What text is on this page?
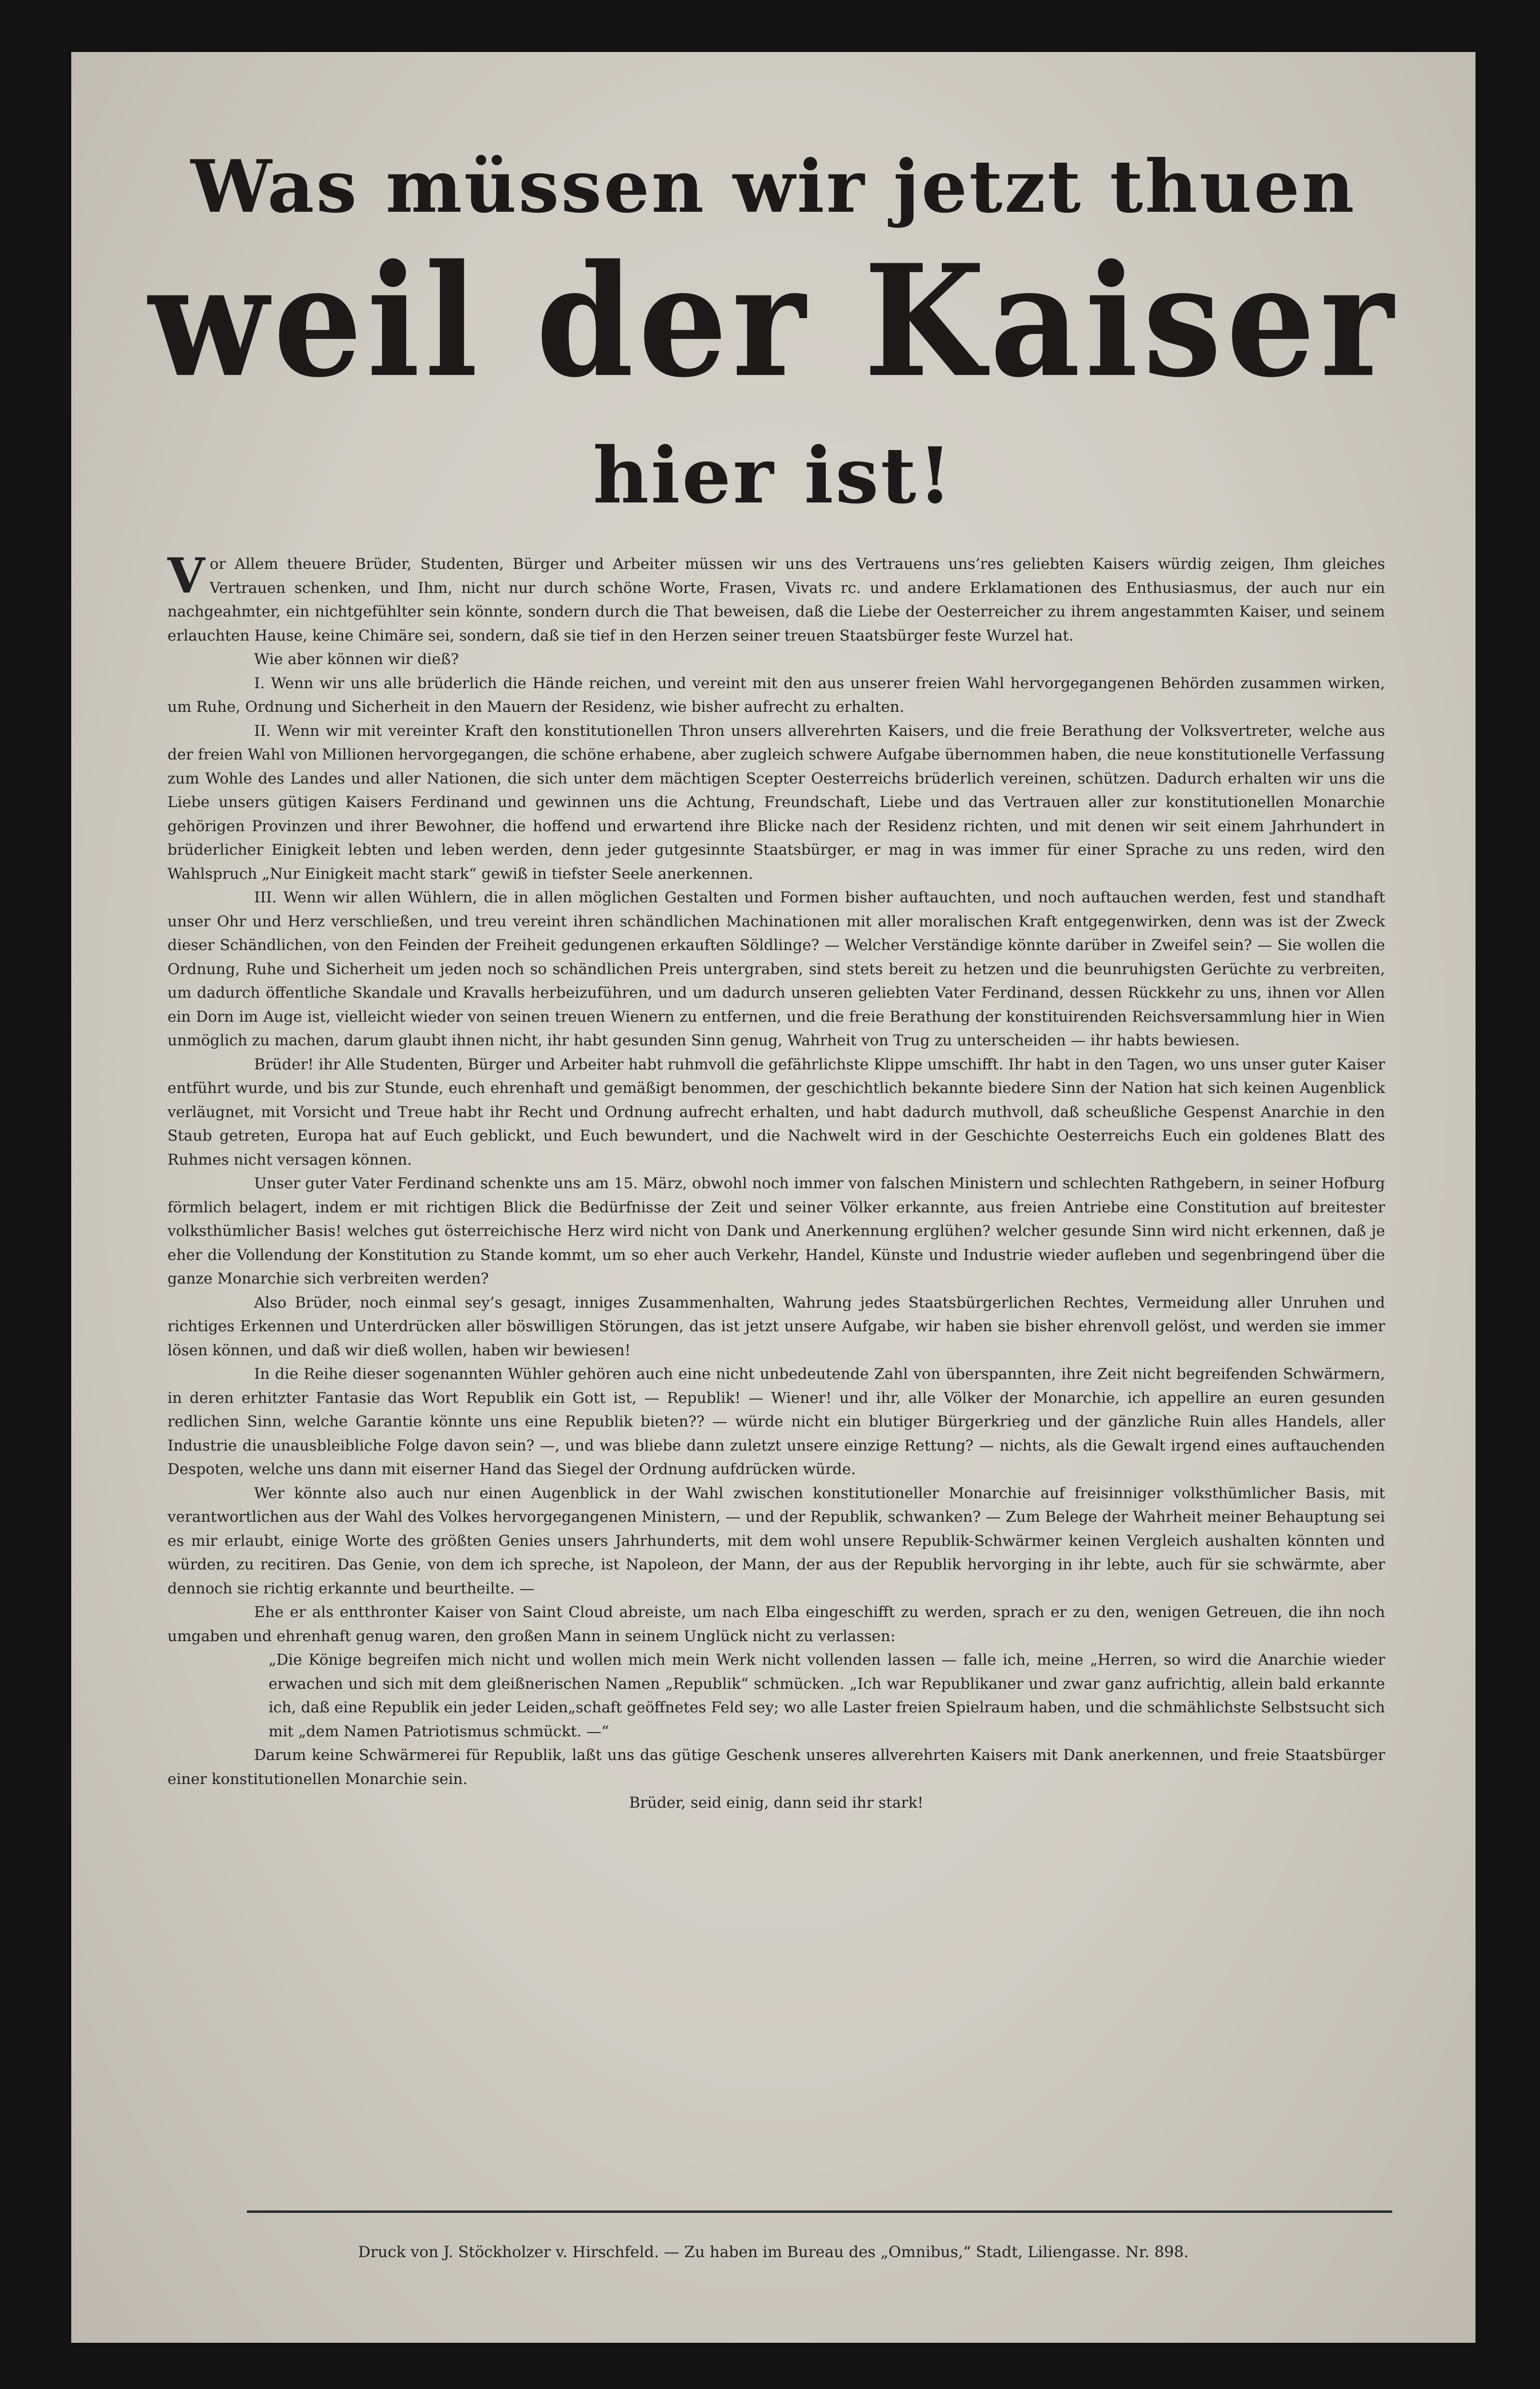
Was müssen wir jetzt thuen
weil der Kaiser
hier ist!

Vor Allem theuere Brüder, Studenten, Bürger und Arbeiter müssen wir uns des Vertrauens uns’res geliebten Kaisers würdig zeigen, Ihm gleiches Vertrauen schenken, und Ihm, nicht nur durch schöne Worte, Frasen, Vivats rc. und andere Erklamationen des Enthusiasmus, der auch nur ein nachgeahmter, ein nichtgefühlter sein könnte, sondern durch die That beweisen, daß die Liebe der Oesterreicher zu ihrem angestammten Kaiser, und seinem erlauchten Hause, keine Chimäre sei, sondern, daß sie tief in den Herzen seiner treuen Staatsbürger feste Wurzel hat.

Wie aber können wir dieß?

I. Wenn wir uns alle brüderlich die Hände reichen, und vereint mit den aus unserer freien Wahl hervorgegangenen Behörden zusammen wirken, um Ruhe, Ordnung und Sicherheit in den Mauern der Residenz, wie bisher aufrecht zu erhalten.

II. Wenn wir mit vereinter Kraft den konstitutionellen Thron unsers allverehrten Kaisers, und die freie Berathung der Volksvertreter, welche aus der freien Wahl von Millionen hervorgegangen, die schöne erhabene, aber zugleich schwere Aufgabe übernommen haben, die neue konstitutionelle Verfassung zum Wohle des Landes und aller Nationen, die sich unter dem mächtigen Scepter Oesterreichs brüderlich vereinen, schützen. Dadurch erhalten wir uns die Liebe unsers gütigen Kaisers Ferdinand und gewinnen uns die Achtung, Freundschaft, Liebe und das Vertrauen aller zur konstitutionellen Monarchie gehörigen Provinzen und ihrer Bewohner, die hoffend und erwartend ihre Blicke nach der Residenz richten, und mit denen wir seit einem Jahrhundert in brüderlicher Einigkeit lebten und leben werden, denn jeder gutgesinnte Staatsbürger, er mag in was immer für einer Sprache zu uns reden, wird den Wahlspruch „Nur Einigkeit macht stark“ gewiß in tiefster Seele anerkennen.

III. Wenn wir allen Wühlern, die in allen möglichen Gestalten und Formen bisher auftauchten, und noch auftauchen werden, fest und standhaft unser Ohr und Herz verschließen, und treu vereint ihren schändlichen Machinationen mit aller moralischen Kraft entgegenwirken, denn was ist der Zweck dieser Schändlichen, von den Feinden der Freiheit gedungenen erkauften Söldlinge? — Welcher Verständige könnte darüber in Zweifel sein? — Sie wollen die Ordnung, Ruhe und Sicherheit um jeden noch so schändlichen Preis untergraben, sind stets bereit zu hetzen und die beunruhigsten Gerüchte zu verbreiten, um dadurch öffentliche Skandale und Kravalls herbeizuführen, und um dadurch unseren geliebten Vater Ferdinand, dessen Rückkehr zu uns, ihnen vor Allen ein Dorn im Auge ist, vielleicht wieder von seinen treuen Wienern zu entfernen, und die freie Berathung der konstituirenden Reichsversammlung hier in Wien unmöglich zu machen, darum glaubt ihnen nicht, ihr habt gesunden Sinn genug, Wahrheit von Trug zu unterscheiden — ihr habts bewiesen.

Brüder! ihr Alle Studenten, Bürger und Arbeiter habt ruhmvoll die gefährlichste Klippe umschifft. Ihr habt in den Tagen, wo uns unser guter Kaiser entführt wurde, und bis zur Stunde, euch ehrenhaft und gemäßigt benommen, der geschichtlich bekannte biedere Sinn der Nation hat sich keinen Augenblick verläugnet, mit Vorsicht und Treue habt ihr Recht und Ordnung aufrecht erhalten, und habt dadurch muthvoll, daß scheußliche Gespenst Anarchie in den Staub getreten, Europa hat auf Euch geblickt, und Euch bewundert, und die Nachwelt wird in der Geschichte Oesterreichs Euch ein goldenes Blatt des Ruhmes nicht versagen können.

Unser guter Vater Ferdinand schenkte uns am 15. März, obwohl noch immer von falschen Ministern und schlechten Rathgebern, in seiner Hofburg förmlich belagert, indem er mit richtigen Blick die Bedürfnisse der Zeit und seiner Völker erkannte, aus freien Antriebe eine Constitution auf breitester volksthümlicher Basis! welches gut österreichische Herz wird nicht von Dank und Anerkennung erglühen? welcher gesunde Sinn wird nicht erkennen, daß je eher die Vollendung der Konstitution zu Stande kommt, um so eher auch Verkehr, Handel, Künste und Industrie wieder aufleben und segenbringend über die ganze Monarchie sich verbreiten werden?

Also Brüder, noch einmal sey’s gesagt, inniges Zusammenhalten, Wahrung jedes Staatsbürgerlichen Rechtes, Vermeidung aller Unruhen und richtiges Erkennen und Unterdrücken aller böswilligen Störungen, das ist jetzt unsere Aufgabe, wir haben sie bisher ehrenvoll gelöst, und werden sie immer lösen können, und daß wir dieß wollen, haben wir bewiesen!

In die Reihe dieser sogenannten Wühler gehören auch eine nicht unbedeutende Zahl von überspannten, ihre Zeit nicht begreifenden Schwärmern, in deren erhitzter Fantasie das Wort Republik ein Gott ist, — Republik! — Wiener! und ihr, alle Völker der Monarchie, ich appellire an euren gesunden redlichen Sinn, welche Garantie könnte uns eine Republik bieten?? — würde nicht ein blutiger Bürgerkrieg und der gänzliche Ruin alles Handels, aller Industrie die unausbleibliche Folge davon sein? —, und was bliebe dann zuletzt unsere einzige Rettung? — nichts, als die Gewalt irgend eines auftauchenden Despoten, welche uns dann mit eiserner Hand das Siegel der Ordnung aufdrücken würde.

Wer könnte also auch nur einen Augenblick in der Wahl zwischen konstitutioneller Monarchie auf freisinniger volksthümlicher Basis, mit verantwortlichen aus der Wahl des Volkes hervorgegangenen Ministern, — und der Republik, schwanken? — Zum Belege der Wahrheit meiner Behauptung sei es mir erlaubt, einige Worte des größten Genies unsers Jahrhunderts, mit dem wohl unsere Republik-Schwärmer keinen Vergleich aushalten könnten und würden, zu recitiren. Das Genie, von dem ich spreche, ist Napoleon, der Mann, der aus der Republik hervorging in ihr lebte, auch für sie schwärmte, aber dennoch sie richtig erkannte und beurtheilte. —

Ehe er als entthronter Kaiser von Saint Cloud abreiste, um nach Elba eingeschifft zu werden, sprach er zu den, wenigen Getreuen, die ihn noch umgaben und ehrenhaft genug waren, den großen Mann in seinem Unglück nicht zu verlassen:

„Die Könige begreifen mich nicht und wollen mich mein Werk nicht vollenden lassen — falle ich, meine „Herren, so wird die Anarchie wieder erwachen und sich mit dem gleißnerischen Namen „Republik“ schmücken. „Ich war Republikaner und zwar ganz aufrichtig, allein bald erkannte ich, daß eine Republik ein jeder Leiden„schaft geöffnetes Feld sey; wo alle Laster freien Spielraum haben, und die schmählichste Selbstsucht sich mit „dem Namen Patriotismus schmückt. —“

Darum keine Schwärmerei für Republik, laßt uns das gütige Geschenk unseres allverehrten Kaisers mit Dank anerkennen, und freie Staatsbürger einer konstitutionellen Monarchie sein.

Brüder, seid einig, dann seid ihr stark!

Druck von J. Stöckholzer v. Hirschfeld. — Zu haben im Bureau des „Omnibus,“ Stadt, Liliengasse. Nr. 898.
